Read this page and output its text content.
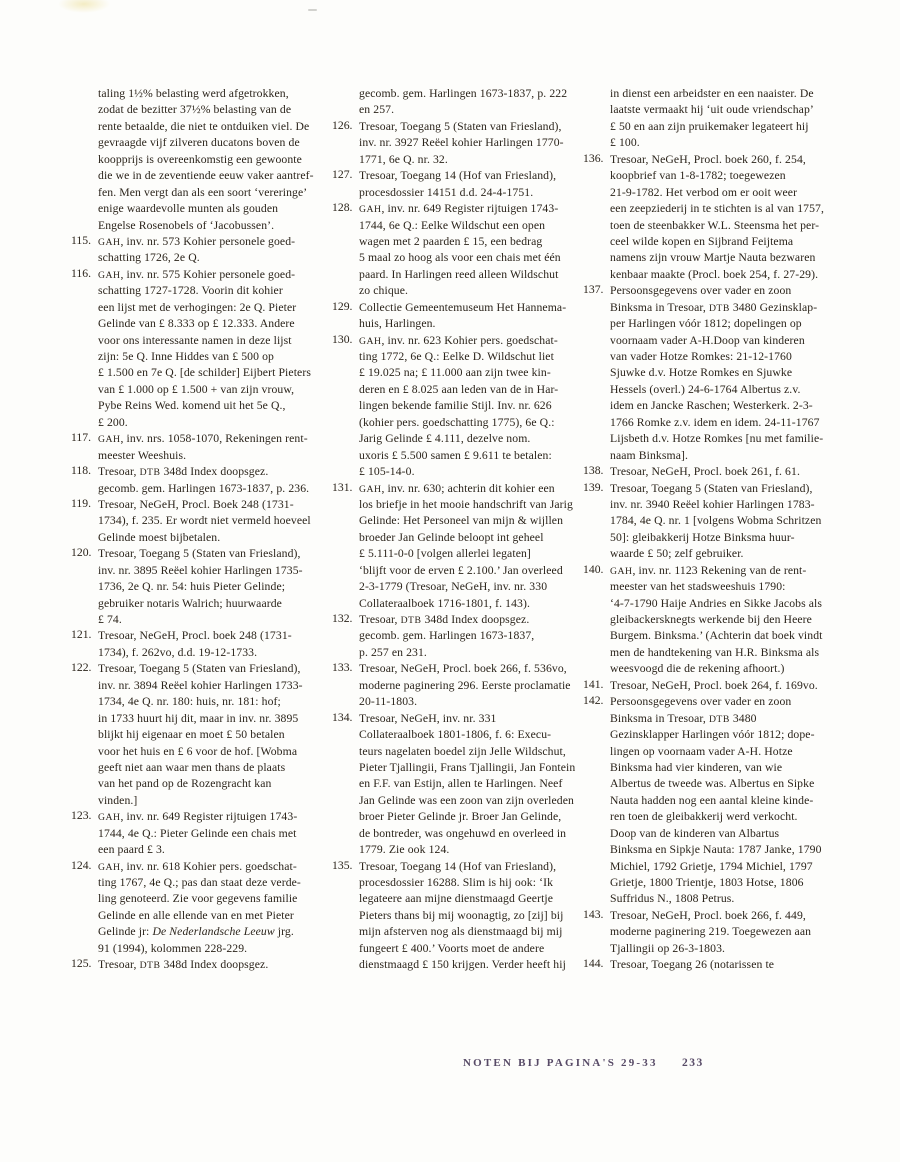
taling 1½% belasting werd afgetrokken,
zodat de bezitter 37½% belasting van de
rente betaalde, die niet te ontduiken viel. De
gevraagde vijf zilveren ducatons boven de
koopprijs is overeenkomstig een gewoonte
die we in de zeventiende eeuw vaker aantref-
fen. Men vergt dan als een soort ‘vereringe’
enige waardevolle munten als gouden
Engelse Rosenobels of ‘Jacobussen’.
115. GAH, inv. nr. 573 Kohier personele goed-
schatting 1726, 2e Q.
116. GAH, inv. nr. 575 Kohier personele goed-
schatting 1727-1728. Voorin dit kohier
een lijst met de verhogingen: 2e Q. Pieter
Gelinde van £ 8.333 op £ 12.333. Andere
voor ons interessante namen in deze lijst
zijn: 5e Q. Inne Hiddes van £ 500 op
£ 1.500 en 7e Q. [de schilder] Eijbert Pieters
van £ 1.000 op £ 1.500 + van zijn vrouw,
Pybe Reins Wed. komend uit het 5e Q.,
£ 200.
117. GAH, inv. nrs. 1058-1070, Rekeningen rent-
meester Weeshuis.
118. Tresoar, DTB 348d Index doopsgez.
gecomb. gem. Harlingen 1673-1837, p. 236.
119. Tresoar, NeGeH, Procl. Boek 248 (1731-
1734), f. 235. Er wordt niet vermeld hoeveel
Gelinde moest bijbetalen.
120. Tresoar, Toegang 5 (Staten van Friesland),
inv. nr. 3895 Reëel kohier Harlingen 1735-
1736, 2e Q. nr. 54: huis Pieter Gelinde;
gebruiker notaris Walrich; huurwaarde
£ 74.
121. Tresoar, NeGeH, Procl. boek 248 (1731-
1734), f. 262vo, d.d. 19-12-1733.
122. Tresoar, Toegang 5 (Staten van Friesland),
inv. nr. 3894 Reëel kohier Harlingen 1733-
1734, 4e Q. nr. 180: huis, nr. 181: hof;
in 1733 huurt hij dit, maar in inv. nr. 3895
blijkt hij eigenaar en moet £ 50 betalen
voor het huis en £ 6 voor de hof. [Wobma
geeft niet aan waar men thans de plaats
van het pand op de Rozengracht kan
vinden.]
123. GAH, inv. nr. 649 Register rijtuigen 1743-
1744, 4e Q.: Pieter Gelinde een chais met
een paard £ 3.
124. GAH, inv. nr. 618 Kohier pers. goedschat-
ting 1767, 4e Q.; pas dan staat deze verde-
ling genoteerd. Zie voor gegevens familie
Gelinde en alle ellende van en met Pieter
Gelinde jr: De Nederlandsche Leeuw jrg.
91 (1994), kolommen 228-229.
125. Tresoar, DTB 348d Index doopsgez.
gecomb. gem. Harlingen 1673-1837, p. 222
en 257.
126. Tresoar, Toegang 5 (Staten van Friesland),
inv. nr. 3927 Reëel kohier Harlingen 1770-
1771, 6e Q. nr. 32.
127. Tresoar, Toegang 14 (Hof van Friesland),
procesdossier 14151 d.d. 24-4-1751.
128. GAH, inv. nr. 649 Register rijtuigen 1743-
1744, 6e Q.: Eelke Wildschut een open
wagen met 2 paarden £ 15, een bedrag
5 maal zo hoog als voor een chais met één
paard. In Harlingen reed alleen Wildschut
zo chique.
129. Collectie Gemeentemuseum Het Hannema-
huis, Harlingen.
130. GAH, inv. nr. 623 Kohier pers. goedschat-
ting 1772, 6e Q.: Eelke D. Wildschut liet
£ 19.025 na; £ 11.000 aan zijn twee kin-
deren en £ 8.025 aan leden van de in Har-
lingen bekende familie Stijl. Inv. nr. 626
(kohier pers. goedschatting 1775), 6e Q.:
Jarig Gelinde £ 4.111, dezelve nom.
uxoris £ 5.500 samen £ 9.611 te betalen:
£ 105-14-0.
131. GAH, inv. nr. 630; achterin dit kohier een
los briefje in het mooie handschrift van Jarig
Gelinde: Het Personeel van mijn & wijllen
broeder Jan Gelinde beloopt int geheel
£ 5.111-0-0 [volgen allerlei legaten]
‘blijft voor de erven £ 2.100.’ Jan overleed
2-3-1779 (Tresoar, NeGeH, inv. nr. 330
Collateraalboek 1716-1801, f. 143).
132. Tresoar, DTB 348d Index doopsgez.
gecomb. gem. Harlingen 1673-1837,
p. 257 en 231.
133. Tresoar, NeGeH, Procl. boek 266, f. 536vo,
moderne paginering 296. Eerste proclamatie
20-11-1803.
134. Tresoar, NeGeH, inv. nr. 331
Collateraalboek 1801-1806, f. 6: Execu-
teurs nagelaten boedel zijn Jelle Wildschut,
Pieter Tjallingii, Frans Tjallingii, Jan Fontein
en F.F. van Estijn, allen te Harlingen. Neef
Jan Gelinde was een zoon van zijn overleden
broer Pieter Gelinde jr. Broer Jan Gelinde,
de bontreder, was ongehuwd en overleed in
1779. Zie ook 124.
135. Tresoar, Toegang 14 (Hof van Friesland),
procesdossier 16288. Slim is hij ook: ‘Ik
legateere aan mijne dienstmaagd Geertje
Pieters thans bij mij woonagtig, zo [zij] bij
mijn afsterven nog als dienstmaagd bij mij
fungeert £ 400.’ Voorts moet de andere
dienstmaagd £ 150 krijgen. Verder heeft hij
in dienst een arbeidster en een naaister. De
laatste vermaakt hij ‘uit oude vriendschap’
£ 50 en aan zijn pruikemaker legateert hij
£ 100.
136. Tresoar, NeGeH, Procl. boek 260, f. 254,
koopbrief van 1-8-1782; toegewezen
21-9-1782. Het verbod om er ooit weer
een zeepziederij in te stichten is al van 1757,
toen de steenbakker W.L. Steensma het per-
ceel wilde kopen en Sijbrand Feijtema
namens zijn vrouw Martje Nauta bezwaren
kenbaar maakte (Procl. boek 254, f. 27-29).
137. Persoonsgegevens over vader en zoon
Binksma in Tresoar, DTB 3480 Gezinsklap-
per Harlingen vóór 1812; dopelingen op
voornaam vader A-H.Doop van kinderen
van vader Hotze Romkes: 21-12-1760
Sjuwke d.v. Hotze Romkes en Sjuwke
Hessels (overl.) 24-6-1764 Albertus z.v.
idem en Jancke Raschen; Westerkerk. 2-3-
1766 Romke z.v. idem en idem. 24-11-1767
Lijsbeth d.v. Hotze Romkes [nu met familie-
naam Binksma].
138. Tresoar, NeGeH, Procl. boek 261, f. 61.
139. Tresoar, Toegang 5 (Staten van Friesland),
inv. nr. 3940 Reëel kohier Harlingen 1783-
1784, 4e Q. nr. 1 [volgens Wobma Schritzen
50]: gleibakkerij Hotze Binksma huur-
waarde £ 50; zelf gebruiker.
140. GAH, inv. nr. 1123 Rekening van de rent-
meester van het stadsweeshuis 1790:
‘4-7-1790 Haije Andries en Sikke Jacobs als
gleibackersknegts werkende bij den Heere
Burgem. Binksma.’ (Achterin dat boek vindt
men de handtekening van H.R. Binksma als
weesvoogd die de rekening afhoort.)
141. Tresoar, NeGeH, Procl. boek 264, f. 169vo.
142. Persoonsgegevens over vader en zoon
Binksma in Tresoar, DTB 3480
Gezinsklapper Harlingen vóór 1812; dope-
lingen op voornaam vader A-H. Hotze
Binksma had vier kinderen, van wie
Albertus de tweede was. Albertus en Sipke
Nauta hadden nog een aantal kleine kinde-
ren toen de gleibakkerij werd verkocht.
Doop van de kinderen van Albartus
Binksma en Sipkje Nauta: 1787 Janke, 1790
Michiel, 1792 Grietje, 1794 Michiel, 1797
Grietje, 1800 Trientje, 1803 Hotse, 1806
Suffridus N., 1808 Petrus.
143. Tresoar, NeGeH, Procl. boek 266, f. 449,
moderne paginering 219. Toegewezen aan
Tjallingii op 26-3-1803.
144. Tresoar, Toegang 26 (notarissen te
NOTEN BIJ PAGINA'S 29-33 233
